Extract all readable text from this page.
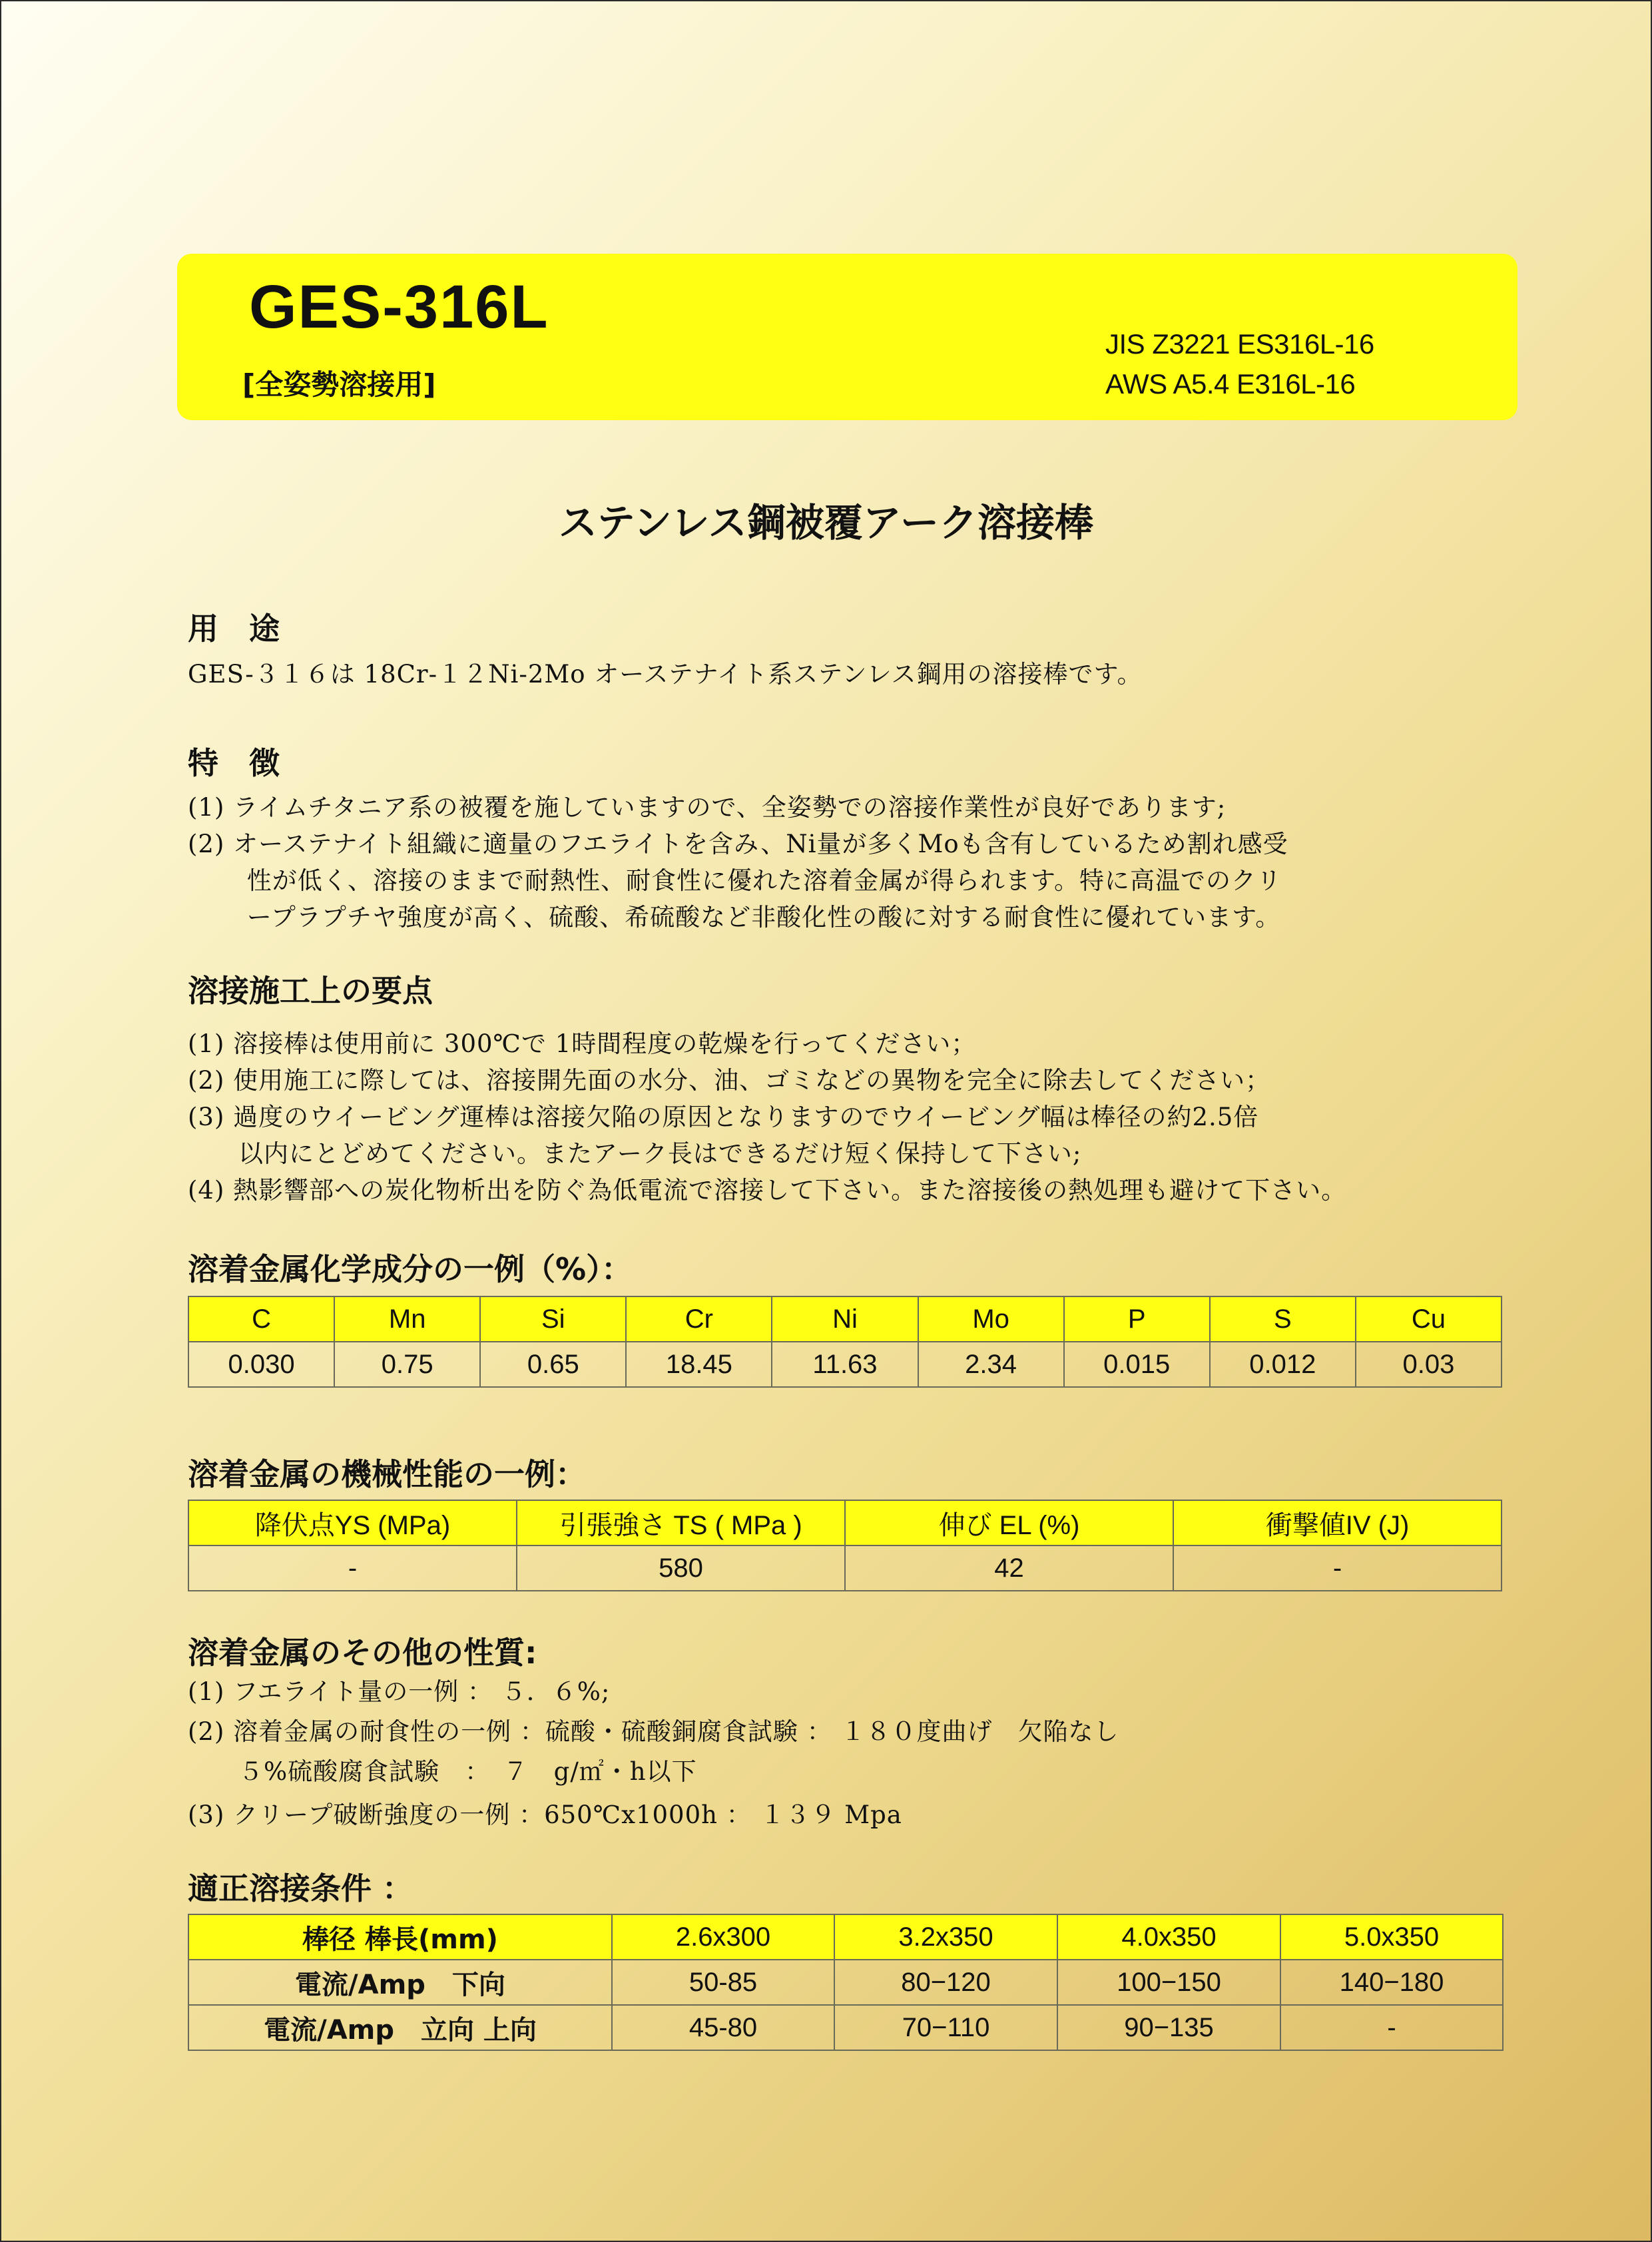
GES-316L
[全姿勢溶接用]
JIS Z3221 ES316L-16
AWS A5.4 E316L-16
ステンレス鋼被覆アーク溶接棒
用　途
GES-３１６は 18Cr-１２Ni-2Mo オーステナイト系ステンレス鋼用の溶接棒です。
特　徴
(1) ライムチタニア系の被覆を施していますので、全姿勢での溶接作業性が良好であります;
(2) オーステナイト組織に適量のフエライトを含み、Ni量が多くMoも含有しているため割れ感受
　　 性が低く、溶接のままで耐熱性、耐食性に優れた溶着金属が得られます。特に高温でのクリ
　　 ープラプチヤ強度が高く、硫酸、希硫酸など非酸化性の酸に対する耐食性に優れています。
溶接施工上の要点
(1) 溶接棒は使用前に 300℃で 1時間程度の乾燥を行ってください；
(2) 使用施工に際しては、溶接開先面の水分、油、ゴミなどの異物を完全に除去してください；
(3) 過度のウイービング運棒は溶接欠陥の原因となりますのでウイービング幅は棒径の約2.5倍
　　以内にとどめてください。またアーク長はできるだけ短く保持して下さい;
(4) 熱影響部への炭化物析出を防ぐ為低電流で溶接して下さい。また溶接後の熱処理も避けて下さい。
溶着金属化学成分の一例（%）：
C	Mn	Si	Cr	Ni	Mo	P	S	Cu
0.030	0.75	0.65	18.45	11.63	2.34	0.015	0.012	0.03
溶着金属の機械性能の一例：
降伏点YS (MPa)	引張強さ TS ( MPa )	伸び EL (%)	衝撃値IV (J)
-	580	42	-
溶着金属のその他の性質:
(1) フエライト量の一例 ： ５．６%;
(2) 溶着金属の耐食性の一例 ：硫酸・硫酸銅腐食試験 ： １８０度曲げ　欠陥なし
　　５%硫酸腐食試験　：　７　g/㎡・h以下
(3) クリープ破断強度の一例 ：650℃x1000h ： １３９ Mpa
適正溶接条件 ：
棒径 棒長(mm)	2.6x300	3.2x350	4.0x350	5.0x350
電流/Amp　下向	50-85	80−120	100−150	140−180
電流/Amp　立向 上向	45-80	70−110	90−135	-
